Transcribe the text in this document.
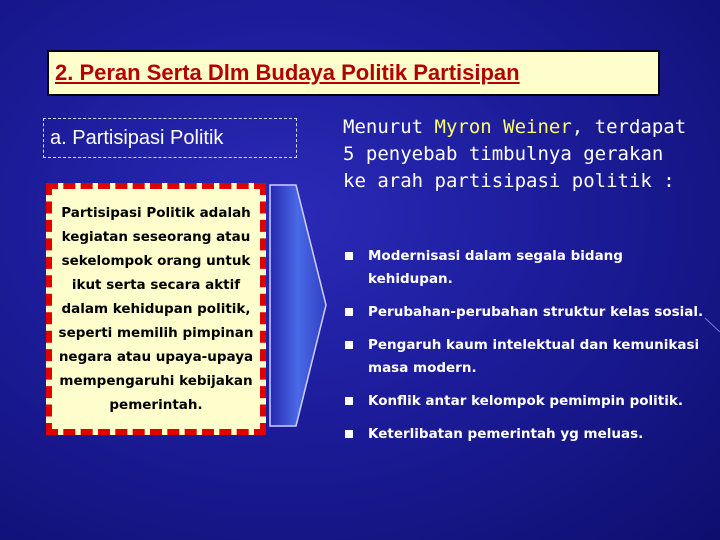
2. Peran Serta Dlm Budaya Politik Partisipan
a. Partisipasi Politik
Partisipasi Politik adalah kegiatan seseorang atau sekelompok orang untuk ikut serta secara aktif dalam kehidupan politik, seperti memilih pimpinan negara atau upaya-upaya mempengaruhi kebijakan pemerintah.
Menurut Myron Weiner, terdapat 5 penyebab timbulnya gerakan ke arah partisipasi politik :
Modernisasi dalam segala bidang kehidupan.
Perubahan-perubahan struktur kelas sosial.
Pengaruh kaum intelektual dan kemunikasi masa modern.
Konflik antar kelompok pemimpin politik.
Keterlibatan pemerintah yg meluas.
